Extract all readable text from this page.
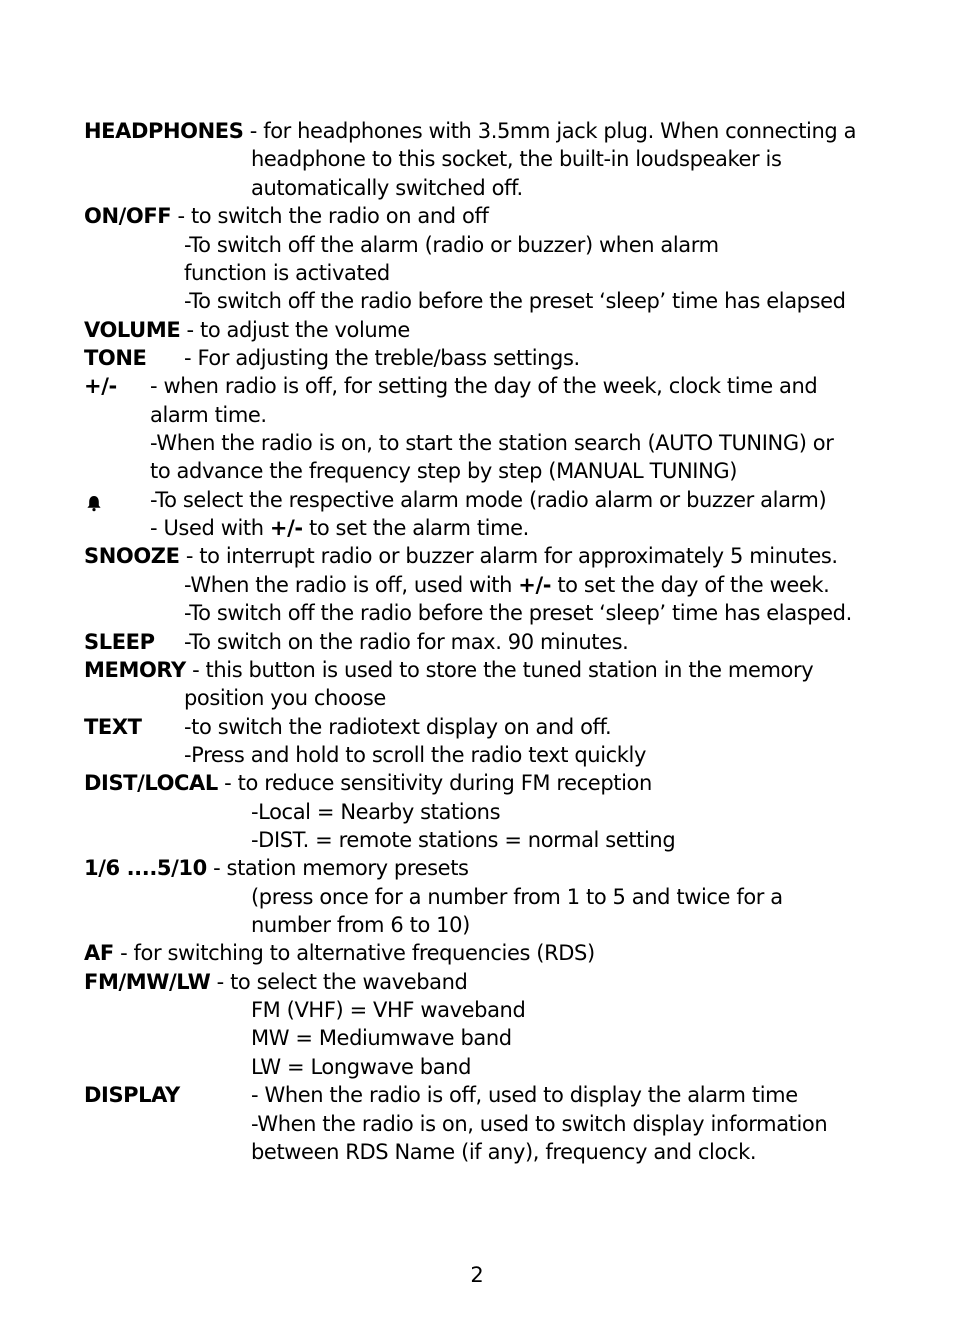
HEADPHONES - for headphones with 3.5mm jack plug. When connecting a
headphone to this socket, the built-in loudspeaker is
automatically switched off.
ON/OFF - to switch the radio on and off
-To switch off the alarm (radio or buzzer) when alarm
function is activated
-To switch off the radio before the preset ‘sleep’ time has elapsed
VOLUME - to adjust the volume
TONE - For adjusting the treble/bass settings.
+/- - when radio is off, for setting the day of the week, clock time and
alarm time.
-When the radio is on, to start the station search (AUTO TUNING) or
to advance the frequency step by step (MANUAL TUNING)
-To select the respective alarm mode (radio alarm or buzzer alarm)
- Used with +/- to set the alarm time.
SNOOZE - to interrupt radio or buzzer alarm for approximately 5 minutes.
-When the radio is off, used with +/- to set the day of the week.
-To switch off the radio before the preset ‘sleep’ time has elasped.
SLEEP -To switch on the radio for max. 90 minutes.
MEMORY - this button is used to store the tuned station in the memory
position you choose
TEXT -to switch the radiotext display on and off.
-Press and hold to scroll the radio text quickly
DIST/LOCAL - to reduce sensitivity during FM reception
-Local = Nearby stations
-DIST. = remote stations = normal setting
1/6 ....5/10 - station memory presets
(press once for a number from 1 to 5 and twice for a
number from 6 to 10)
AF - for switching to alternative frequencies (RDS)
FM/MW/LW - to select the waveband
FM (VHF) = VHF waveband
MW = Mediumwave band
LW = Longwave band
DISPLAY	- When the radio is off, used to display the alarm time
-When the radio is on, used to switch display information
between RDS Name (if any), frequency and clock.
2
